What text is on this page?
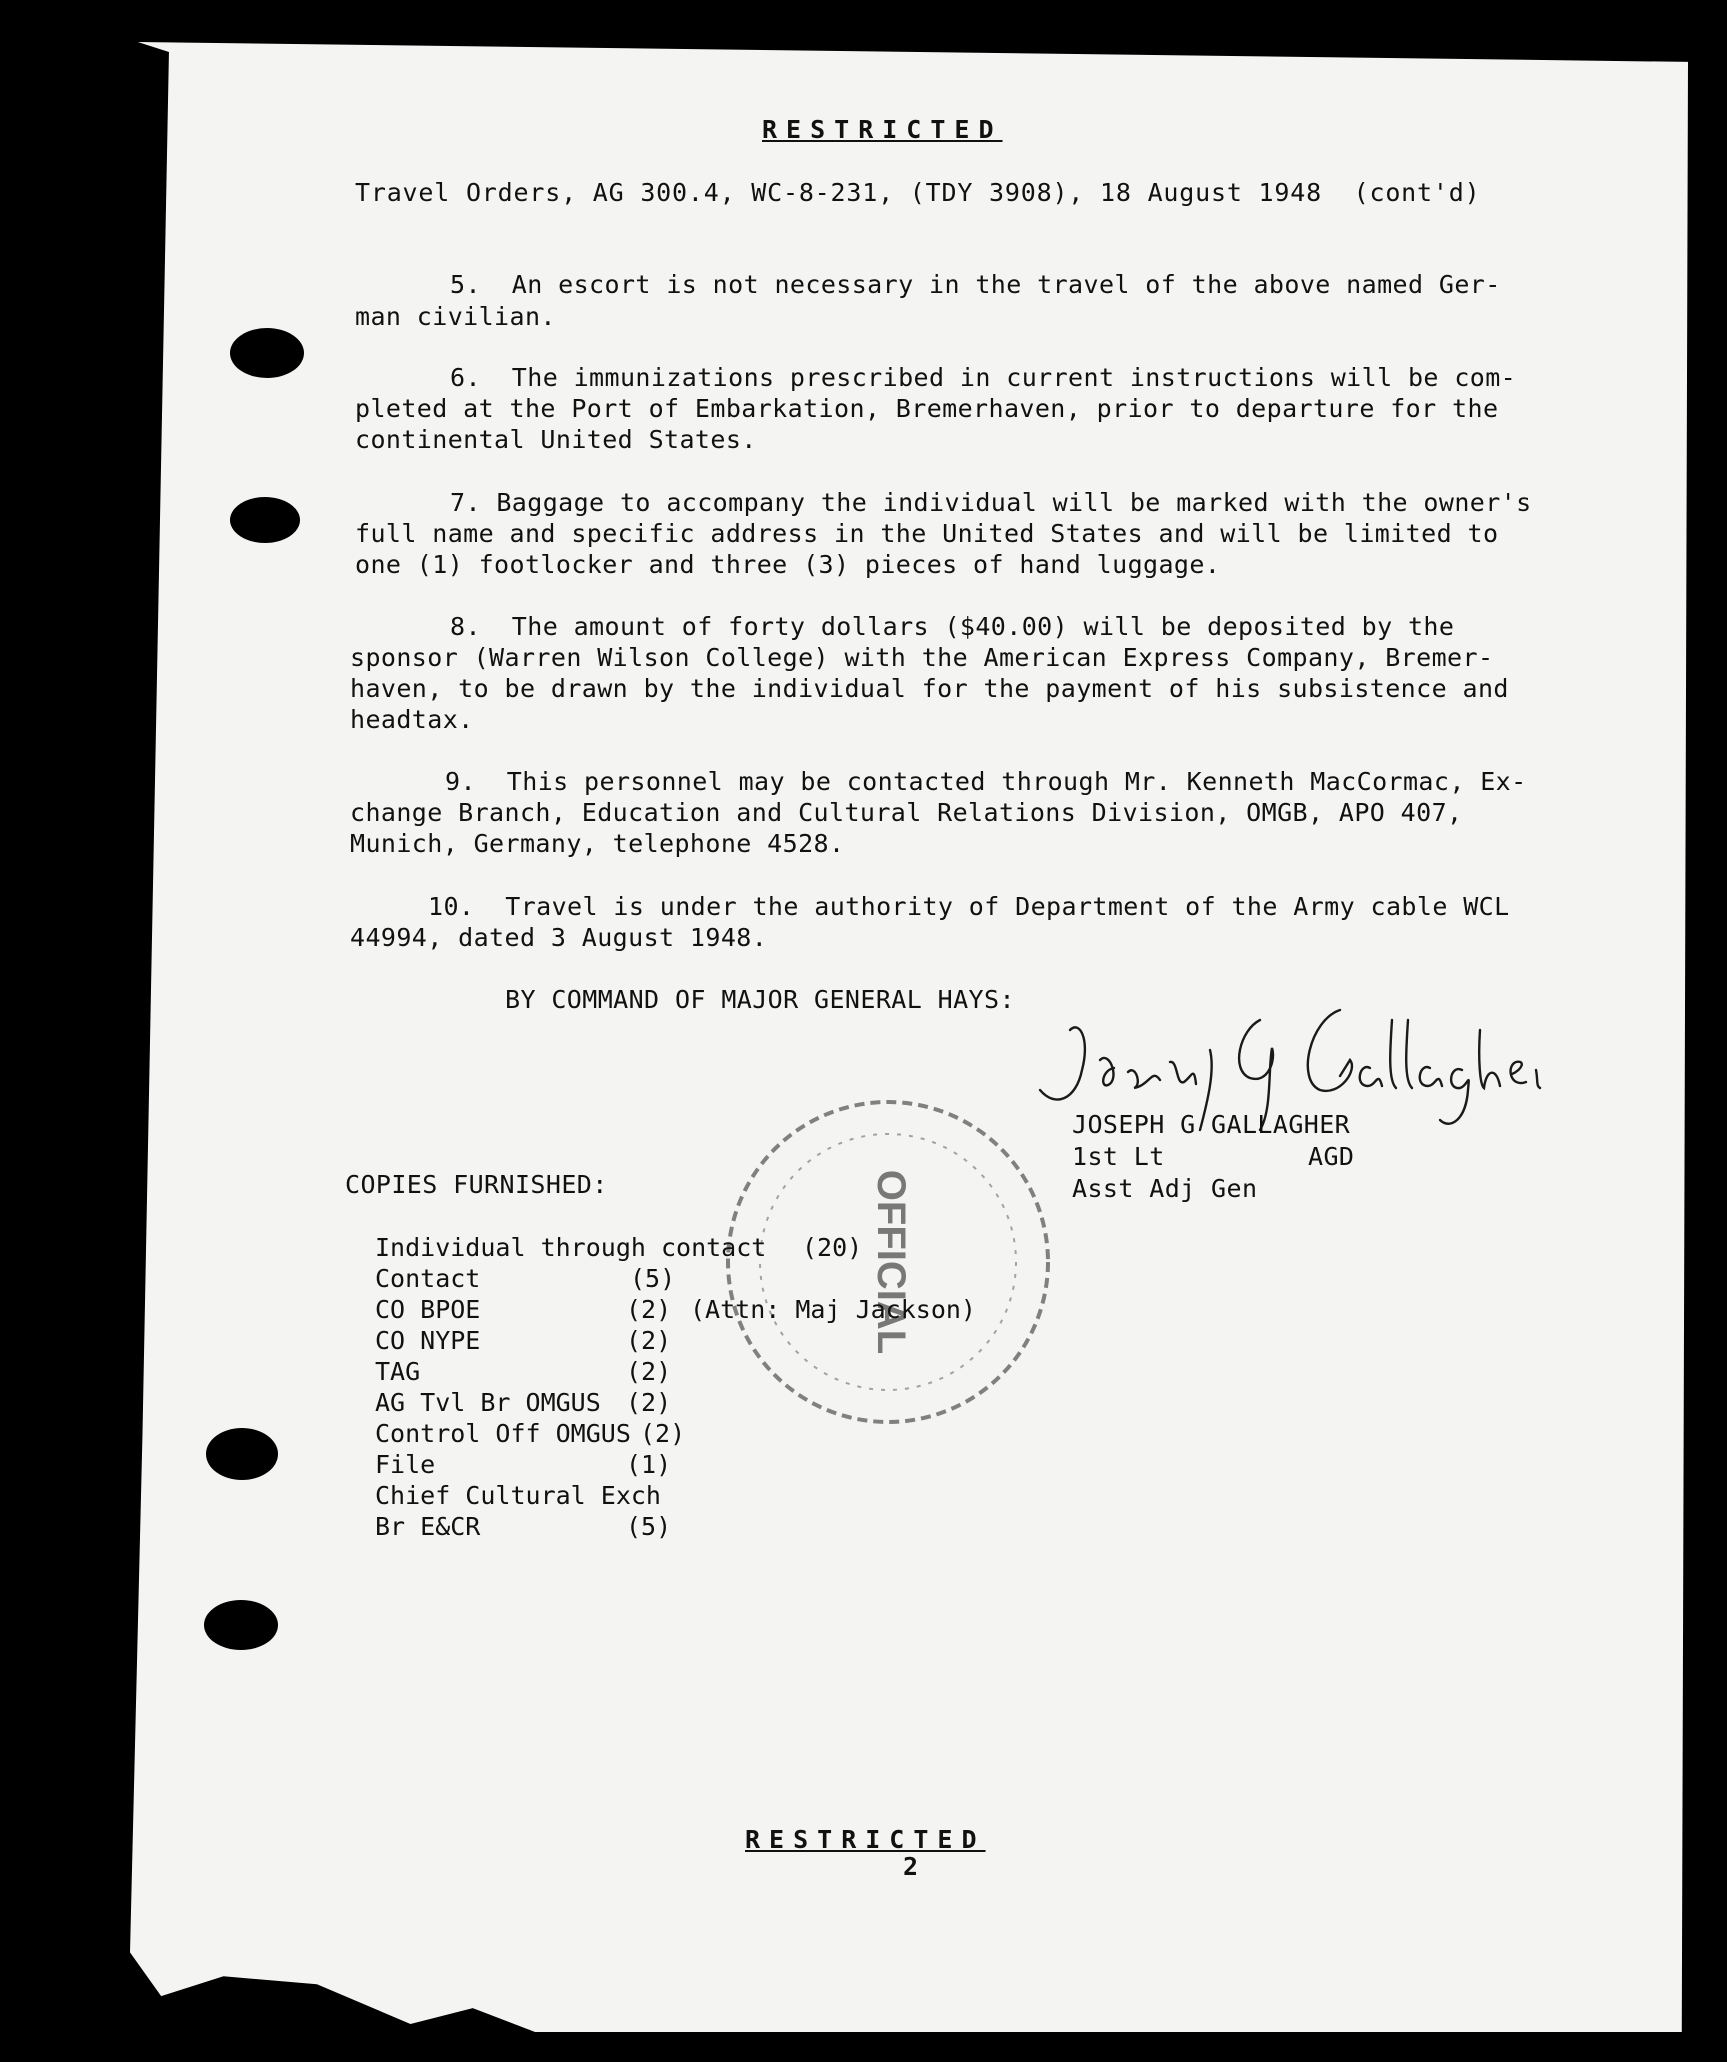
RESTRICTED
Travel Orders, AG 300.4, WC-8-231, (TDY 3908), 18 August 1948  (cont'd)
5.  An escort is not necessary in the travel of the above named Ger-
man civilian.
6.  The immunizations prescribed in current instructions will be com-
pleted at the Port of Embarkation, Bremerhaven, prior to departure for the
continental United States.
7. Baggage to accompany the individual will be marked with the owner's
full name and specific address in the United States and will be limited to
one (1) footlocker and three (3) pieces of hand luggage.
8.  The amount of forty dollars ($40.00) will be deposited by the
sponsor (Warren Wilson College) with the American Express Company, Bremer-
haven, to be drawn by the individual for the payment of his subsistence and
headtax.
9.  This personnel may be contacted through Mr. Kenneth MacCormac, Ex-
change Branch, Education and Cultural Relations Division, OMGB, APO 407,
Munich, Germany, telephone 4528.
10.  Travel is under the authority of Department of the Army cable WCL
44994, dated 3 August 1948.
BY COMMAND OF MAJOR GENERAL HAYS:
JOSEPH G GALLAGHER
1st Lt	AGD
Asst Adj Gen
OFFICIAL
COPIES FURNISHED:
Individual through contact (20)
Contact	(5)
CO BPOE	(2) (Attn: Maj Jackson)
CO NYPE	(2)
TAG	(2)
AG Tvl Br OMGUS (2)
Control Off OMGUS (2)
File	(1)
Chief Cultural Exch
Br E&CR	(5)
RESTRICTED
2
